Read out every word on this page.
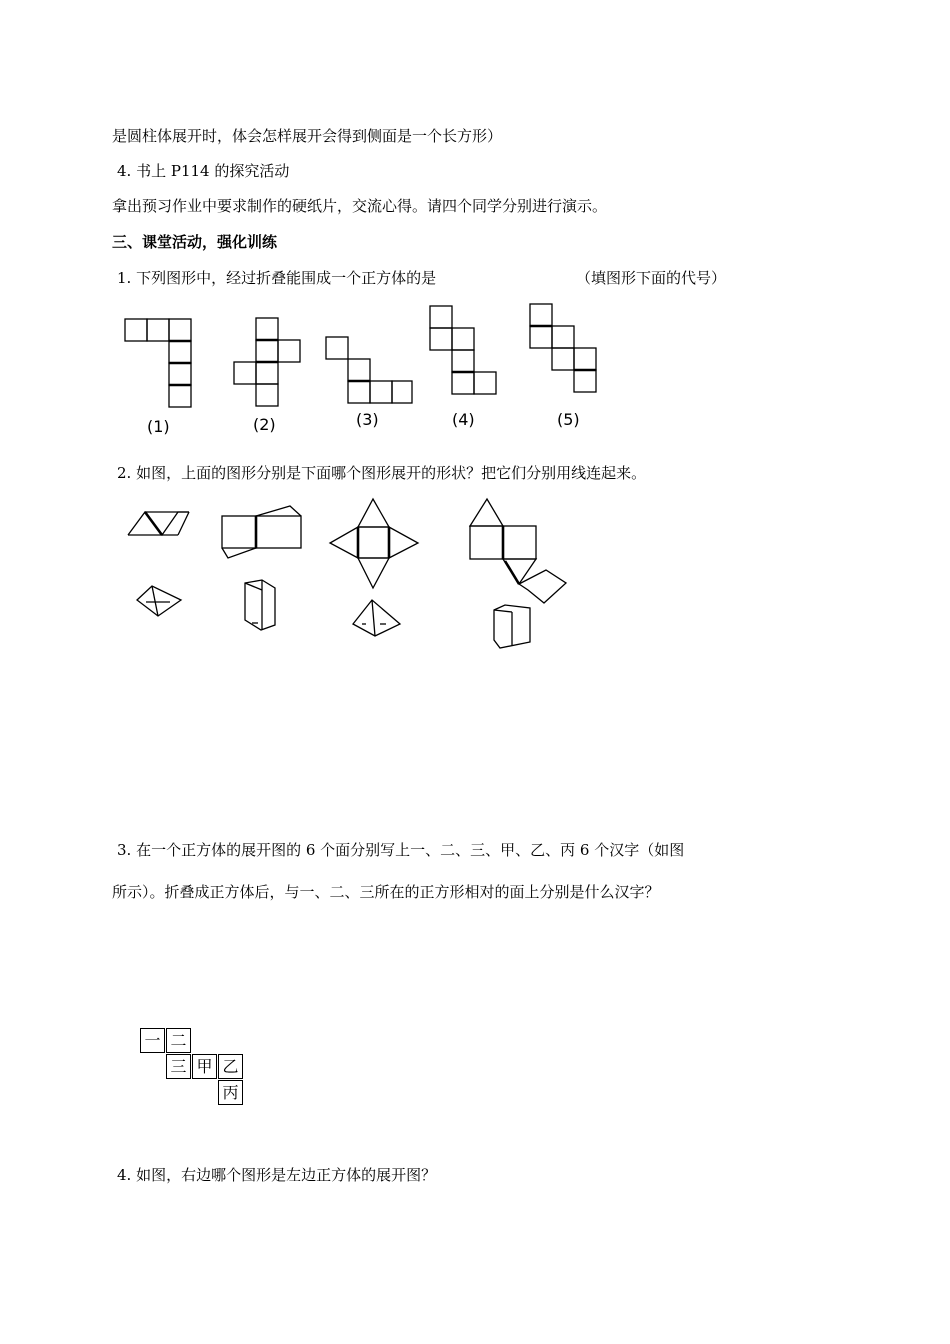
是圆柱体展开时，体会怎样展开会得到侧面是一个长方形）
4. 书上 P114 的探究活动
拿出预习作业中要求制作的硬纸片，交流心得。请四个同学分别进行演示。
三、课堂活动，强化训练
1. 下列图形中，经过折叠能围成一个正方体的是	（填图形下面的代号）
(1)	(2)	(3)	(4)	(5)
2. 如图，上面的图形分别是下面哪个图形展开的形状？把它们分别用线连起来。
3. 在一个正方体的展开图的 6 个面分别写上一、二、三、甲、乙、丙 6 个汉字（如图
所示）。折叠成正方体后，与一、二、三所在的正方形相对的面上分别是什么汉字？
一 二
三 甲 乙
丙
4. 如图，右边哪个图形是左边正方体的展开图？
